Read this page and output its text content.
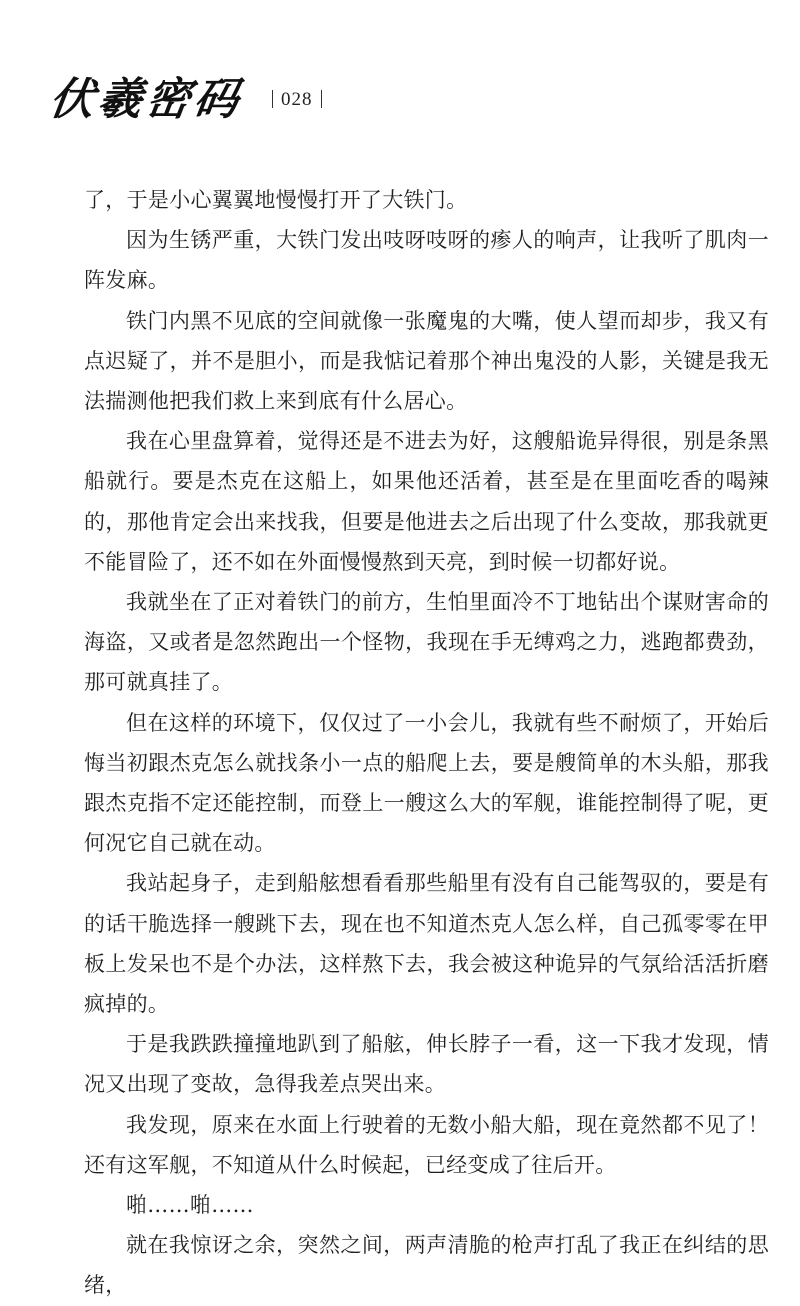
伏羲密码	028

了，于是小心翼翼地慢慢打开了大铁门。

因为生锈严重，大铁门发出吱呀吱呀的瘆人的响声，让我听了肌肉一阵发麻。

铁门内黑不见底的空间就像一张魔鬼的大嘴，使人望而却步，我又有点迟疑了，并不是胆小，而是我惦记着那个神出鬼没的人影，关键是我无法揣测他把我们救上来到底有什么居心。

我在心里盘算着，觉得还是不进去为好，这艘船诡异得很，别是条黑船就行。要是杰克在这船上，如果他还活着，甚至是在里面吃香的喝辣的，那他肯定会出来找我，但要是他进去之后出现了什么变故，那我就更不能冒险了，还不如在外面慢慢熬到天亮，到时候一切都好说。

我就坐在了正对着铁门的前方，生怕里面冷不丁地钻出个谋财害命的海盗，又或者是忽然跑出一个怪物，我现在手无缚鸡之力，逃跑都费劲，那可就真挂了。

但在这样的环境下，仅仅过了一小会儿，我就有些不耐烦了，开始后悔当初跟杰克怎么就找条小一点的船爬上去，要是艘简单的木头船，那我跟杰克指不定还能控制，而登上一艘这么大的军舰，谁能控制得了呢，更何况它自己就在动。

我站起身子，走到船舷想看看那些船里有没有自己能驾驭的，要是有的话干脆选择一艘跳下去，现在也不知道杰克人怎么样，自己孤零零在甲板上发呆也不是个办法，这样熬下去，我会被这种诡异的气氛给活活折磨疯掉的。

于是我跌跌撞撞地趴到了船舷，伸长脖子一看，这一下我才发现，情况又出现了变故，急得我差点哭出来。

我发现，原来在水面上行驶着的无数小船大船，现在竟然都不见了！还有这军舰，不知道从什么时候起，已经变成了往后开。

啪……啪……

就在我惊讶之余，突然之间，两声清脆的枪声打乱了我正在纠结的思绪，
